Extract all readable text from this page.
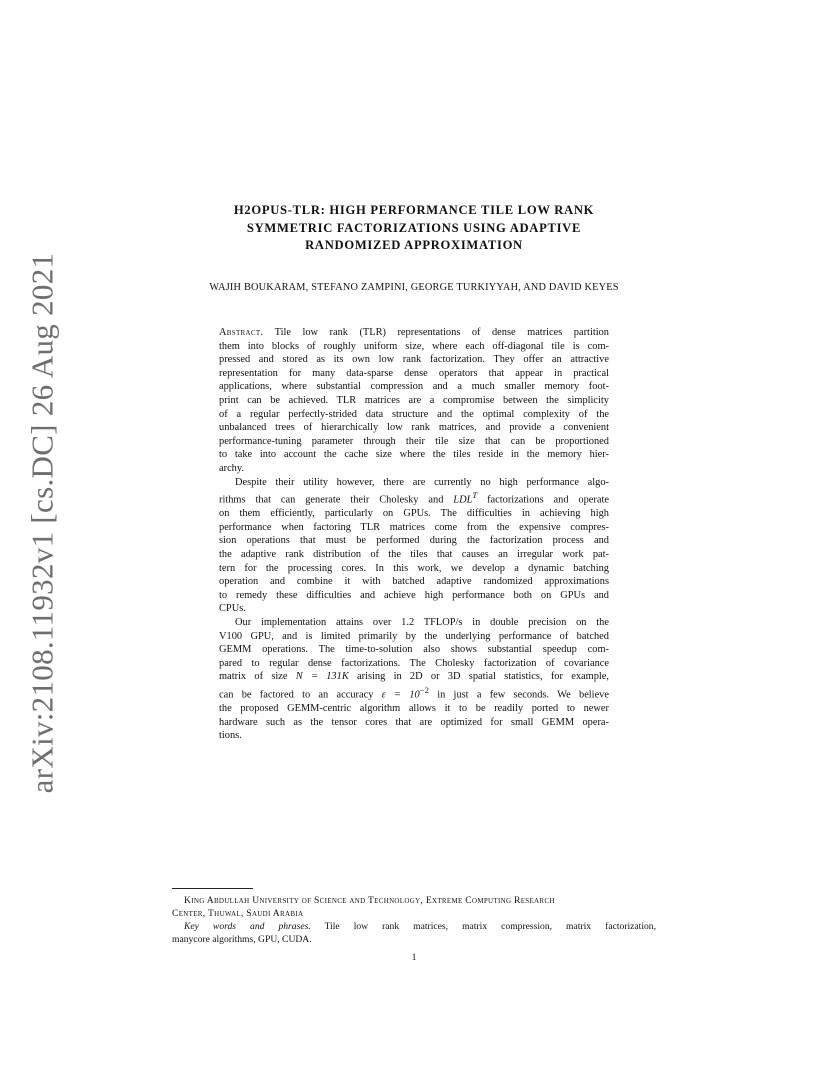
arXiv:2108.11932v1 [cs.DC] 26 Aug 2021
H2OPUS-TLR: HIGH PERFORMANCE TILE LOW RANK
SYMMETRIC FACTORIZATIONS USING ADAPTIVE
RANDOMIZED APPROXIMATION
WAJIH BOUKARAM, STEFANO ZAMPINI, GEORGE TURKIYYAH, AND DAVID KEYES

Abstract. Tile low rank (TLR) representations of dense matrices partition
them into blocks of roughly uniform size, where each off-diagonal tile is com-
pressed and stored as its own low rank factorization. They offer an attractive
representation for many data-sparse dense operators that appear in practical
applications, where substantial compression and a much smaller memory foot-
print can be achieved. TLR matrices are a compromise between the simplicity
of a regular perfectly-strided data structure and the optimal complexity of the
unbalanced trees of hierarchically low rank matrices, and provide a convenient
performance-tuning parameter through their tile size that can be proportioned
to take into account the cache size where the tiles reside in the memory hier-
archy.

Despite their utility however, there are currently no high performance algo-
rithms that can generate their Cholesky and $LDL^T$ factorizations and operate
on them efficiently, particularly on GPUs. The difficulties in achieving high
performance when factoring TLR matrices come from the expensive compres-
sion operations that must be performed during the factorization process and
the adaptive rank distribution of the tiles that causes an irregular work pat-
tern for the processing cores. In this work, we develop a dynamic batching
operation and combine it with batched adaptive randomized approximations
to remedy these difficulties and achieve high performance both on GPUs and
CPUs.

Our implementation attains over 1.2 TFLOP/s in double precision on the
V100 GPU, and is limited primarily by the underlying performance of batched
GEMM operations. The time-to-solution also shows substantial speedup com-
pared to regular dense factorizations. The Cholesky factorization of covariance
matrix of size N = 131K arising in 2D or 3D spatial statistics, for example,
can be factored to an accuracy $\varepsilon = 10^{-2}$ in just a few seconds. We believe
the proposed GEMM-centric algorithm allows it to be readily ported to newer
hardware such as the tensor cores that are optimized for small GEMM opera-
tions.

King Abdullah University of Science and Technology, Extreme Computing Research
Center, Thuwal, Saudi Arabia
Key words and phrases. Tile low rank matrices, matrix compression, matrix factorization,
manycore algorithms, GPU, CUDA.
1
